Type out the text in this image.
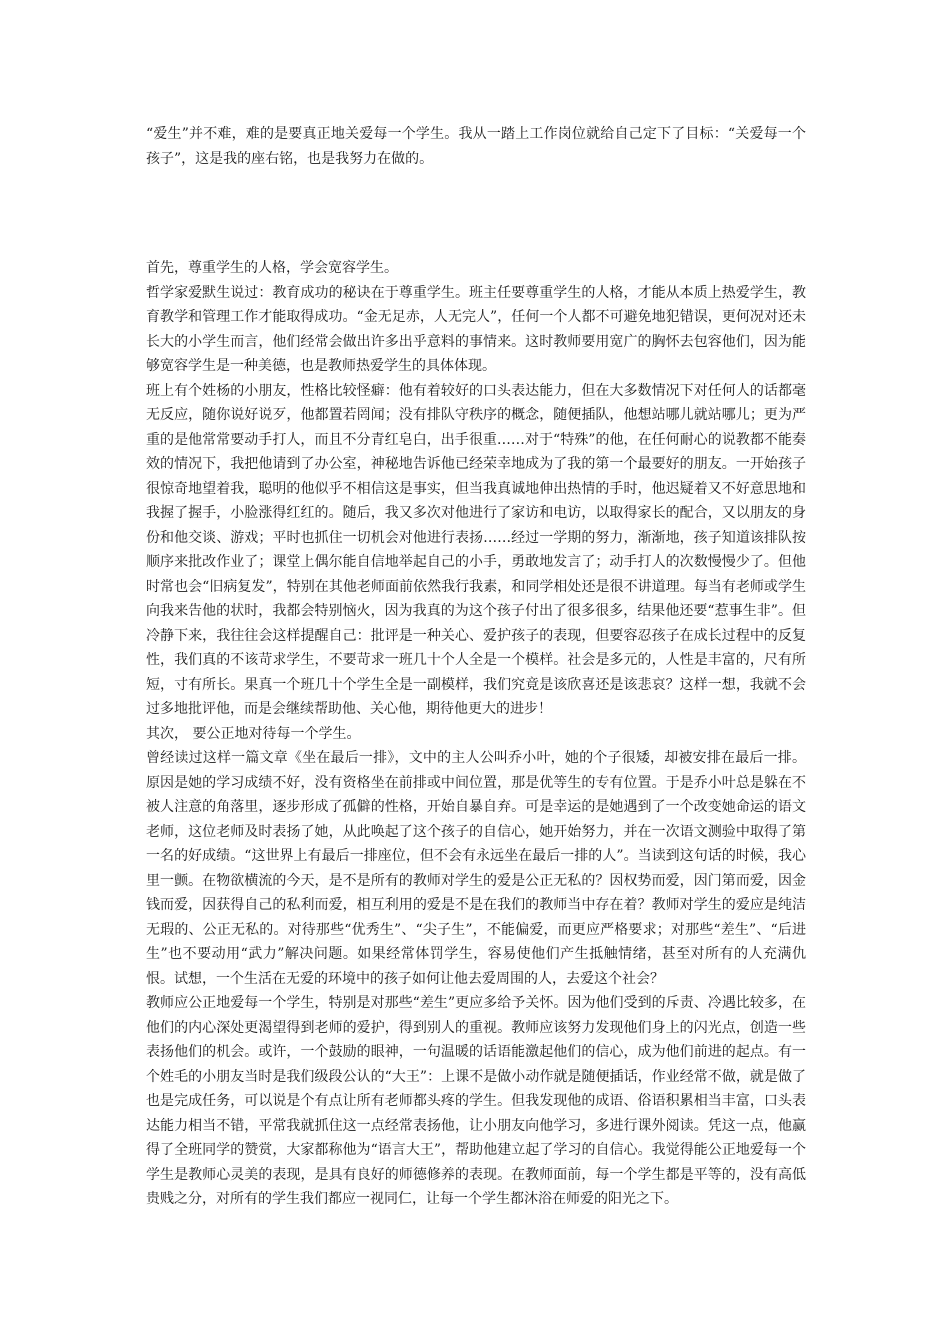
“爱生”并不难，难的是要真正地关爱每一个学生。我从一踏上工作岗位就给自己定下了目标：“关爱每一个孩子”，这是我的座右铭，也是我努力在做的。

首先，尊重学生的人格，学会宽容学生。

哲学家爱默生说过：教育成功的秘诀在于尊重学生。班主任要尊重学生的人格，才能从本质上热爱学生，教育教学和管理工作才能取得成功。“金无足赤，人无完人”，任何一个人都不可避免地犯错误，更何况对还未长大的小学生而言，他们经常会做出许多出乎意料的事情来。这时教师要用宽广的胸怀去包容他们，因为能够宽容学生是一种美德，也是教师热爱学生的具体体现。

班上有个姓杨的小朋友，性格比较怪癖：他有着较好的口头表达能力，但在大多数情况下对任何人的话都毫无反应，随你说好说歹，他都置若罔闻；没有排队守秩序的概念，随便插队，他想站哪儿就站哪儿；更为严重的是他常常要动手打人，而且不分青红皂白，出手很重……对于“特殊”的他，在任何耐心的说教都不能奏效的情况下，我把他请到了办公室，神秘地告诉他已经荣幸地成为了我的第一个最要好的朋友。一开始孩子很惊奇地望着我，聪明的他似乎不相信这是事实，但当我真诚地伸出热情的手时，他迟疑着又不好意思地和我握了握手，小脸涨得红红的。随后，我又多次对他进行了家访和电访，以取得家长的配合，又以朋友的身份和他交谈、游戏；平时也抓住一切机会对他进行表扬……经过一学期的努力，渐渐地，孩子知道该排队按顺序来批改作业了；课堂上偶尔能自信地举起自己的小手，勇敢地发言了；动手打人的次数慢慢少了。但他时常也会“旧病复发”，特别在其他老师面前依然我行我素，和同学相处还是很不讲道理。每当有老师或学生向我来告他的状时，我都会特别恼火，因为我真的为这个孩子付出了很多很多，结果他还要“惹事生非”。但冷静下来，我往往会这样提醒自己：批评是一种关心、爱护孩子的表现，但要容忍孩子在成长过程中的反复性，我们真的不该苛求学生，不要苛求一班几十个人全是一个模样。社会是多元的，人性是丰富的，尺有所短，寸有所长。果真一个班几十个学生全是一副模样，我们究竟是该欣喜还是该悲哀？这样一想，我就不会过多地批评他，而是会继续帮助他、关心他，期待他更大的进步！

其次， 要公正地对待每一个学生。

曾经读过这样一篇文章《坐在最后一排》，文中的主人公叫乔小叶，她的个子很矮，却被安排在最后一排。原因是她的学习成绩不好，没有资格坐在前排或中间位置，那是优等生的专有位置。于是乔小叶总是躲在不被人注意的角落里，逐步形成了孤僻的性格，开始自暴自弃。可是幸运的是她遇到了一个改变她命运的语文老师，这位老师及时表扬了她，从此唤起了这个孩子的自信心，她开始努力，并在一次语文测验中取得了第一名的好成绩。“这世界上有最后一排座位，但不会有永远坐在最后一排的人”。当读到这句话的时候，我心里一颤。在物欲横流的今天，是不是所有的教师对学生的爱是公正无私的？因权势而爱，因门第而爱，因金钱而爱，因获得自己的私利而爱，相互利用的爱是不是在我们的教师当中存在着？教师对学生的爱应是纯洁无瑕的、公正无私的。对待那些“优秀生”、“尖子生”，不能偏爱，而更应严格要求；对那些“差生”、“后进生”也不要动用“武力”解决问题。如果经常体罚学生，容易使他们产生抵触情绪，甚至对所有的人充满仇恨。试想，一个生活在无爱的环境中的孩子如何让他去爱周围的人，去爱这个社会？

教师应公正地爱每一个学生，特别是对那些“差生”更应多给予关怀。因为他们受到的斥责、冷遇比较多，在他们的内心深处更渴望得到老师的爱护，得到别人的重视。教师应该努力发现他们身上的闪光点，创造一些表扬他们的机会。或许，一个鼓励的眼神，一句温暖的话语能激起他们的信心，成为他们前进的起点。有一个姓毛的小朋友当时是我们级段公认的“大王”：上课不是做小动作就是随便插话，作业经常不做，就是做了也是完成任务，可以说是个有点让所有老师都头疼的学生。但我发现他的成语、俗语积累相当丰富，口头表达能力相当不错，平常我就抓住这一点经常表扬他，让小朋友向他学习，多进行课外阅读。凭这一点，他赢得了全班同学的赞赏，大家都称他为“语言大王”，帮助他建立起了学习的自信心。我觉得能公正地爱每一个学生是教师心灵美的表现，是具有良好的师德修养的表现。在教师面前，每一个学生都是平等的，没有高低贵贱之分，对所有的学生我们都应一视同仁，让每一个学生都沐浴在师爱的阳光之下。
